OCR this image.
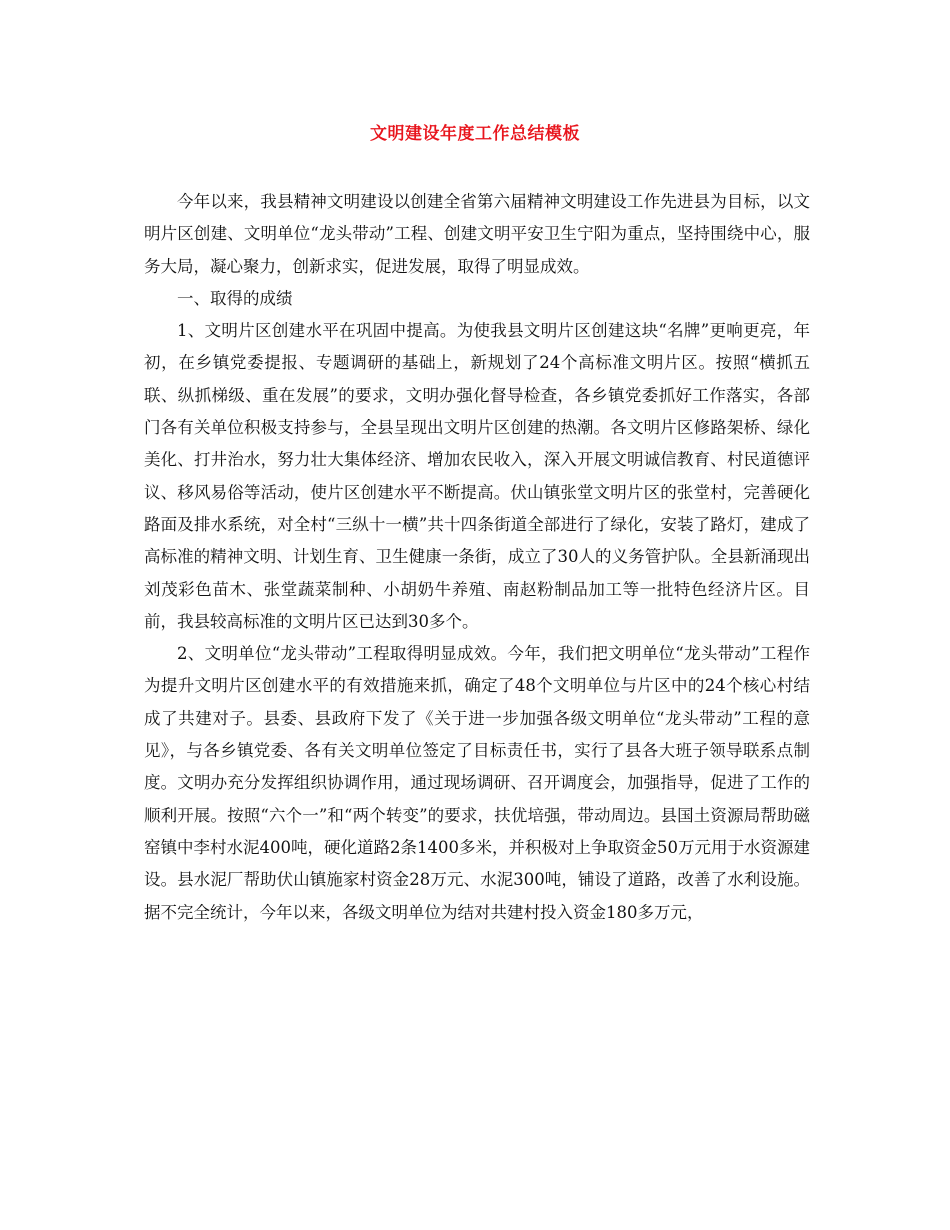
文明建设年度工作总结模板

今年以来，我县精神文明建设以创建全省第六届精神文明建设工作先进县为目标，以文明片区创建、文明单位“龙头带动”工程、创建文明平安卫生宁阳为重点，坚持围绕中心，服务大局，凝心聚力，创新求实，促进发展，取得了明显成效。

一、取得的成绩

1、文明片区创建水平在巩固中提高。为使我县文明片区创建这块“名牌”更响更亮，年初，在乡镇党委提报、专题调研的基础上，新规划了24个高标准文明片区。按照“横抓五联、纵抓梯级、重在发展”的要求，文明办强化督导检查，各乡镇党委抓好工作落实，各部门各有关单位积极支持参与，全县呈现出文明片区创建的热潮。各文明片区修路架桥、绿化美化、打井治水，努力壮大集体经济、增加农民收入，深入开展文明诚信教育、村民道德评议、移风易俗等活动，使片区创建水平不断提高。伏山镇张堂文明片区的张堂村，完善硬化路面及排水系统，对全村“三纵十一横”共十四条街道全部进行了绿化，安装了路灯，建成了高标准的精神文明、计划生育、卫生健康一条街，成立了30人的义务管护队。全县新涌现出刘茂彩色苗木、张堂蔬菜制种、小胡奶牛养殖、南赵粉制品加工等一批特色经济片区。目前，我县较高标准的文明片区已达到30多个。

2、文明单位“龙头带动”工程取得明显成效。今年，我们把文明单位“龙头带动”工程作为提升文明片区创建水平的有效措施来抓，确定了48个文明单位与片区中的24个核心村结成了共建对子。县委、县政府下发了《关于进一步加强各级文明单位“龙头带动”工程的意见》，与各乡镇党委、各有关文明单位签定了目标责任书，实行了县各大班子领导联系点制度。文明办充分发挥组织协调作用，通过现场调研、召开调度会，加强指导，促进了工作的顺利开展。按照“六个一”和“两个转变”的要求，扶优培强，带动周边。县国土资源局帮助磁窑镇中李村水泥400吨，硬化道路2条1400多米，并积极对上争取资金50万元用于水资源建设。县水泥厂帮助伏山镇施家村资金28万元、水泥300吨，铺设了道路，改善了水利设施。据不完全统计，今年以来，各级文明单位为结对共建村投入资金180多万元，
